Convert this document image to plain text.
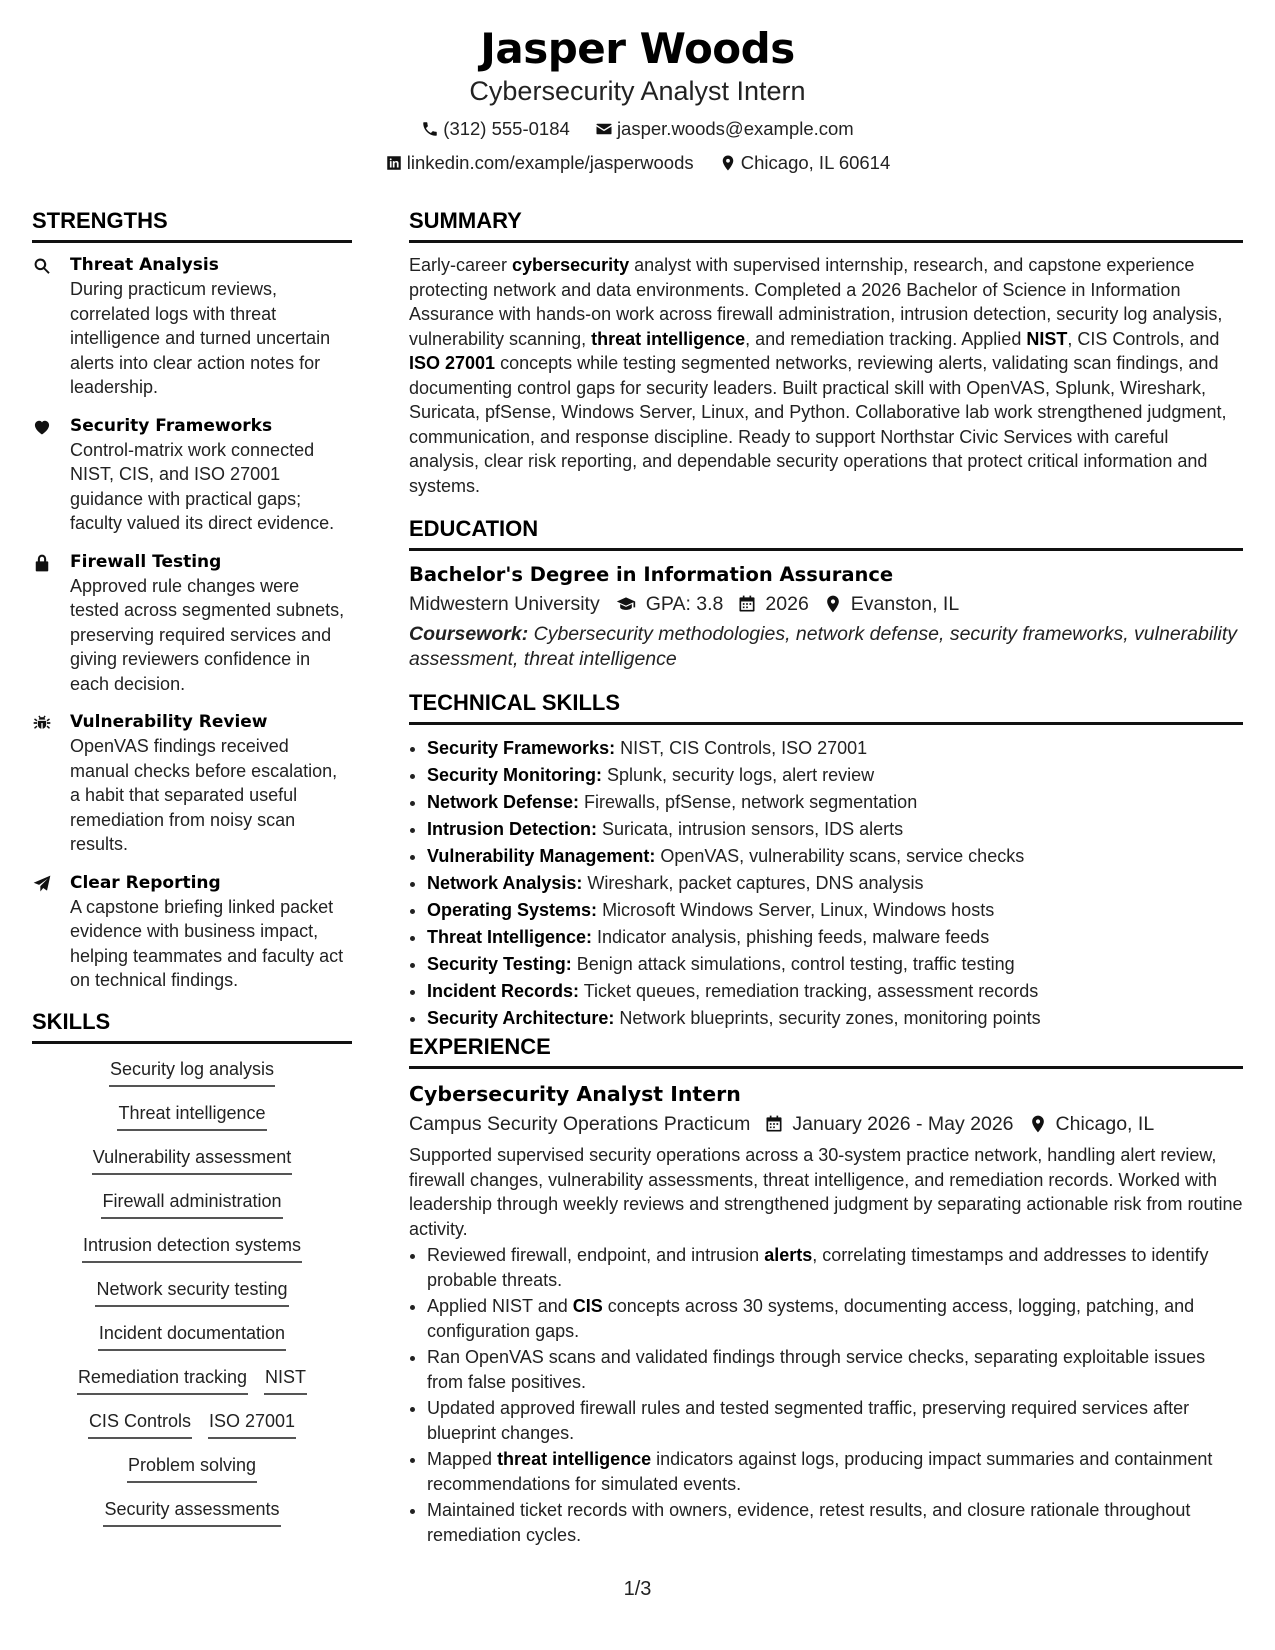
Jasper Woods
Cybersecurity Analyst Intern
(312) 555-0184
	jasper.woods@example.com
linkedin.com/example/jasperwoods
	Chicago, IL 60614
STRENGTHS
Threat Analysis
During practicum reviews, correlated logs with threat intelligence and turned uncertain alerts into clear action notes for leadership.
Security Frameworks
Control-matrix work connected NIST, CIS, and ISO 27001 guidance with practical gaps; faculty valued its direct evidence.
Firewall Testing
Approved rule changes were tested across segmented subnets, preserving required services and giving reviewers confidence in each decision.
Vulnerability Review
OpenVAS findings received manual checks before escalation, a habit that separated useful remediation from noisy scan results.
Clear Reporting
A capstone briefing linked packet evidence with business impact, helping teammates and faculty act on technical findings.
SKILLS
Security log analysis
Threat intelligence
Vulnerability assessment
Firewall administration
Intrusion detection systems
Network security testing
Incident documentation
Remediation tracking NIST
CIS Controls ISO 27001
Problem solving
Security assessments
SUMMARY
Early-career cybersecurity analyst with supervised internship, research, and capstone experience protecting network and data environments. Completed a 2026 Bachelor of Science in Information Assurance with hands-on work across firewall administration, intrusion detection, security log analysis, vulnerability scanning, threat intelligence, and remediation tracking. Applied NIST, CIS Controls, and ISO 27001 concepts while testing segmented networks, reviewing alerts, validating scan findings, and documenting control gaps for security leaders. Built practical skill with OpenVAS, Splunk, Wireshark, Suricata, pfSense, Windows Server, Linux, and Python. Collaborative lab work strengthened judgment, communication, and response discipline. Ready to support Northstar Civic Services with careful analysis, clear risk reporting, and dependable security operations that protect critical information and systems.
EDUCATION
Bachelor's Degree in Information Assurance
Midwestern University GPA: 3.8 2026 Evanston, IL
Coursework: Cybersecurity methodologies, network defense, security frameworks, vulnerability assessment, threat intelligence
TECHNICAL SKILLS
• Security Frameworks: NIST, CIS Controls, ISO 27001
• Security Monitoring: Splunk, security logs, alert review
• Network Defense: Firewalls, pfSense, network segmentation
• Intrusion Detection: Suricata, intrusion sensors, IDS alerts
• Vulnerability Management: OpenVAS, vulnerability scans, service checks
• Network Analysis: Wireshark, packet captures, DNS analysis
• Operating Systems: Microsoft Windows Server, Linux, Windows hosts
• Threat Intelligence: Indicator analysis, phishing feeds, malware feeds
• Security Testing: Benign attack simulations, control testing, traffic testing
• Incident Records: Ticket queues, remediation tracking, assessment records
• Security Architecture: Network blueprints, security zones, monitoring points
EXPERIENCE
Cybersecurity Analyst Intern
Campus Security Operations Practicum January 2026 - May 2026 Chicago, IL
Supported supervised security operations across a 30-system practice network, handling alert review, firewall changes, vulnerability assessments, threat intelligence, and remediation records. Worked with leadership through weekly reviews and strengthened judgment by separating actionable risk from routine activity.
• Reviewed firewall, endpoint, and intrusion alerts, correlating timestamps and addresses to identify probable threats.
• Applied NIST and CIS concepts across 30 systems, documenting access, logging, patching, and configuration gaps.
• Ran OpenVAS scans and validated findings through service checks, separating exploitable issues from false positives.
• Updated approved firewall rules and tested segmented traffic, preserving required services after blueprint changes.
• Mapped threat intelligence indicators against logs, producing impact summaries and containment recommendations for simulated events.
• Maintained ticket records with owners, evidence, retest results, and closure rationale throughout remediation cycles.
1/3
